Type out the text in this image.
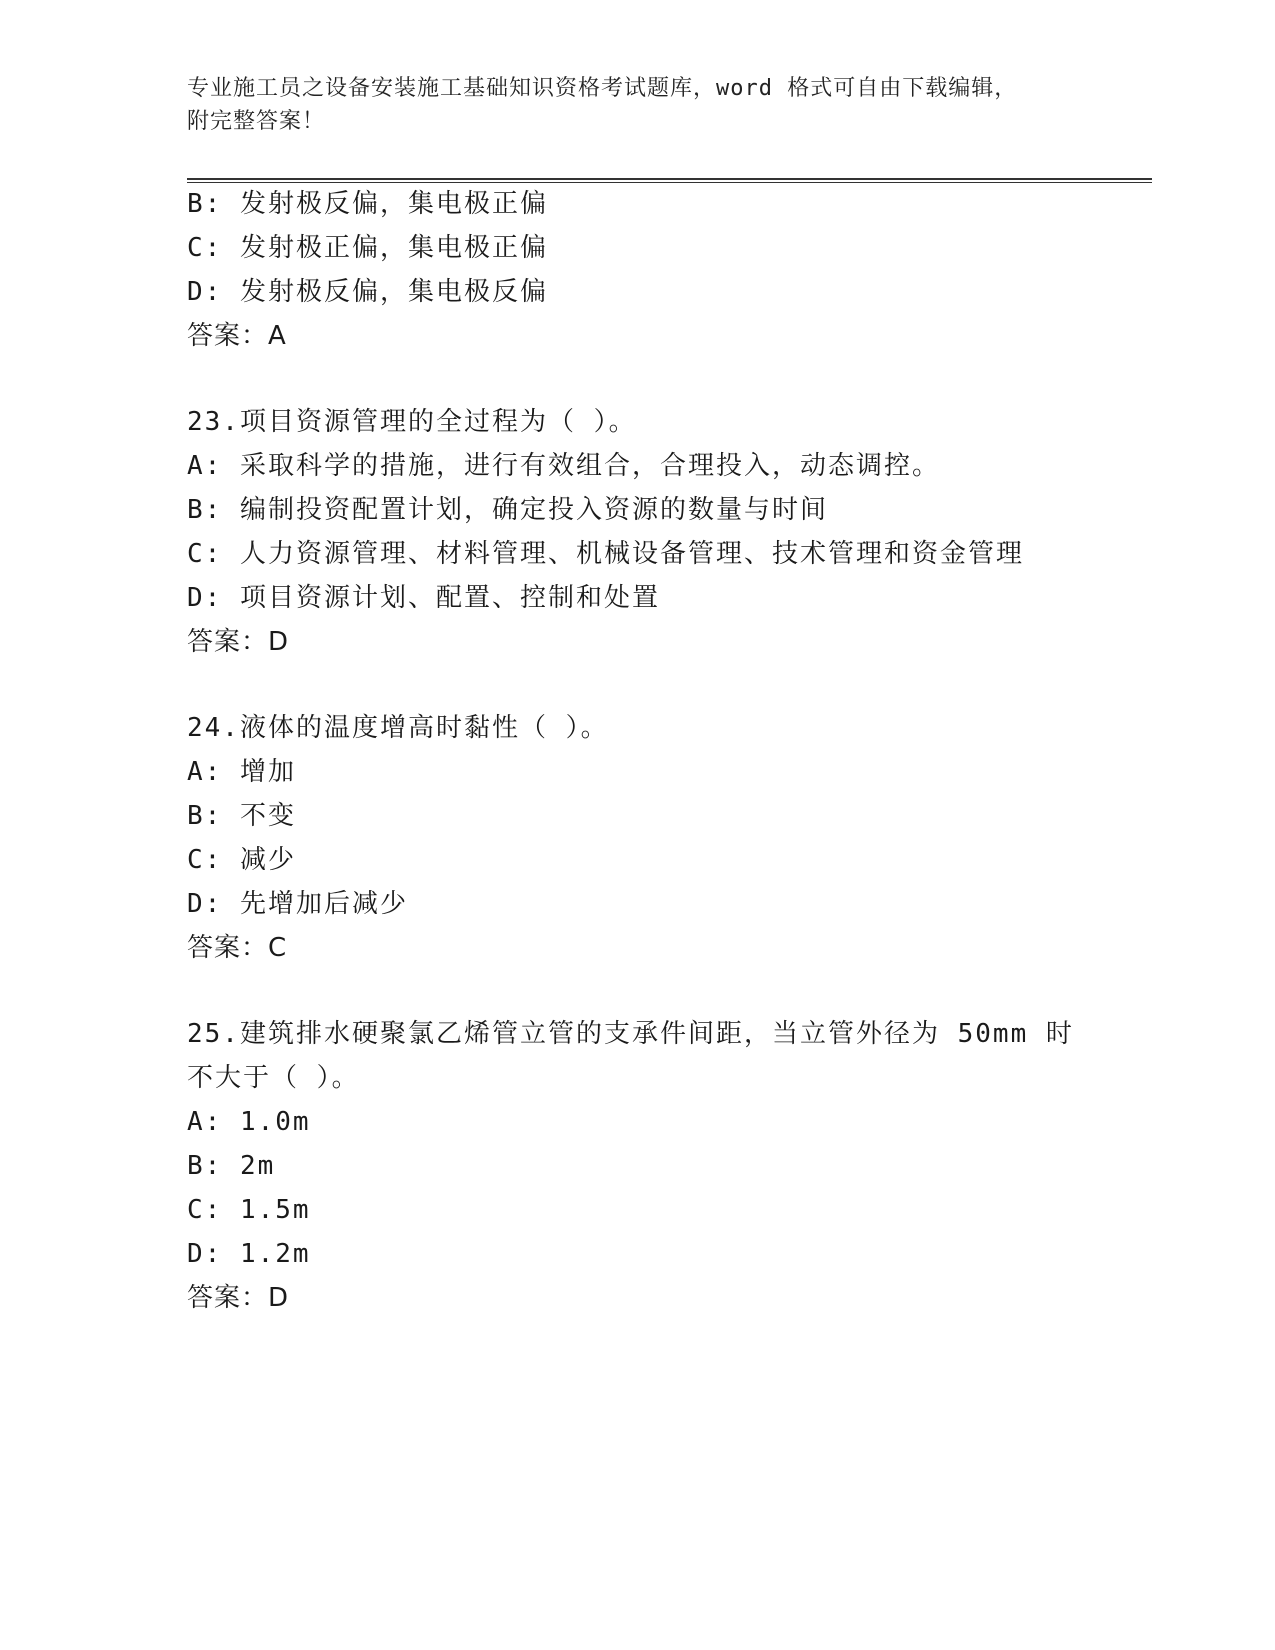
专业施工员之设备安装施工基础知识资格考试题库，word 格式可自由下载编辑，
附完整答案！
B: 发射极反偏，集电极正偏
C: 发射极正偏，集电极正偏
D: 发射极反偏，集电极反偏
答案：A
23.项目资源管理的全过程为（ ）。
A: 采取科学的措施，进行有效组合，合理投入，动态调控。
B: 编制投资配置计划，确定投入资源的数量与时间
C: 人力资源管理、材料管理、机械设备管理、技术管理和资金管理
D: 项目资源计划、配置、控制和处置
答案：D
24.液体的温度增高时黏性（ ）。
A: 增加
B: 不变
C: 减少
D: 先增加后减少
答案：C
25.建筑排水硬聚氯乙烯管立管的支承件间距，当立管外径为 50mm 时
不大于（ ）。
A: 1.0m
B: 2m
C: 1.5m
D: 1.2m
答案：D
